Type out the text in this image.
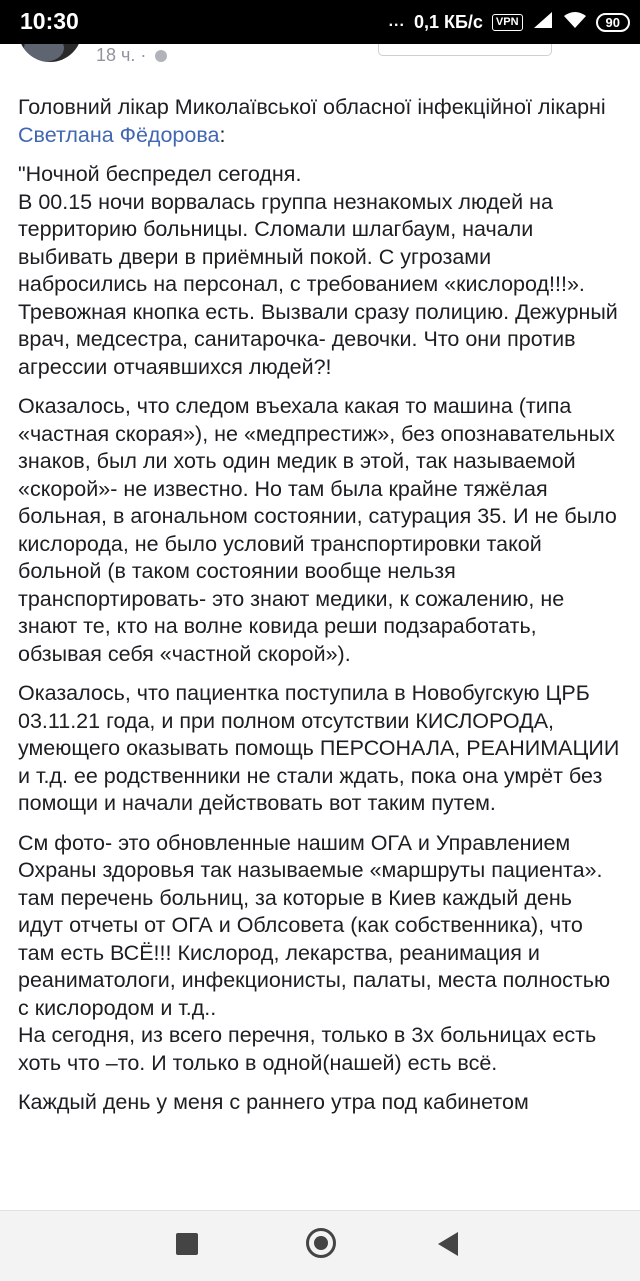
10:30	... 0,1 КБ/с	VPN	90
18 ч. ·

Головний лікар Миколаївської обласної інфекційної лікарні Светлана Фёдорова:

"Ночной беспредел сегодня.
В 00.15 ночи ворвалась группа незнакомых людей на территорию больницы. Сломали шлагбаум, начали выбивать двери в приёмный покой. С угрозами набросились на персонал, с требованием «кислород!!!». Тревожная кнопка есть. Вызвали сразу полицию. Дежурный врач, медсестра, санитарочка- девочки. Что они против агрессии отчаявшихся людей?!

Оказалось, что следом въехала какая то машина (типа «частная скорая»), не «медпрестиж», без опознавательных знаков, был ли хоть один медик в этой, так называемой «скорой»- не известно. Но там была крайне тяжёлая больная, в агональном состоянии, сатурация 35. И не было кислорода, не было условий транспортировки такой больной (в таком состоянии вообще нельзя транспортировать- это знают медики, к сожалению, не знают те, кто на волне ковида реши подзаработать, обзывая себя «частной скорой»).

Оказалось, что пациентка поступила в Новобугскую ЦРБ 03.11.21 года, и при полном отсутствии КИСЛОРОДА, умеющего оказывать помощь ПЕРСОНАЛА, РЕАНИМАЦИИ и т.д. ее родственники не стали ждать, пока она умрёт без помощи и начали действовать вот таким путем.

См фото- это обновленные нашим ОГА и Управлением Охраны здоровья так называемые «маршруты пациента».
там перечень больниц, за которые в Киев каждый день идут отчеты от ОГА и Облсовета (как собственника), что там есть ВСЁ!!! Кислород, лекарства, реанимация и реаниматологи, инфекционисты, палаты, места полностью с кислородом и т.д..
На сегодня, из всего перечня, только в 3х больницах есть хоть что –то. И только в одной(нашей) есть всё.

Каждый день у меня с раннего утра под кабинетом
